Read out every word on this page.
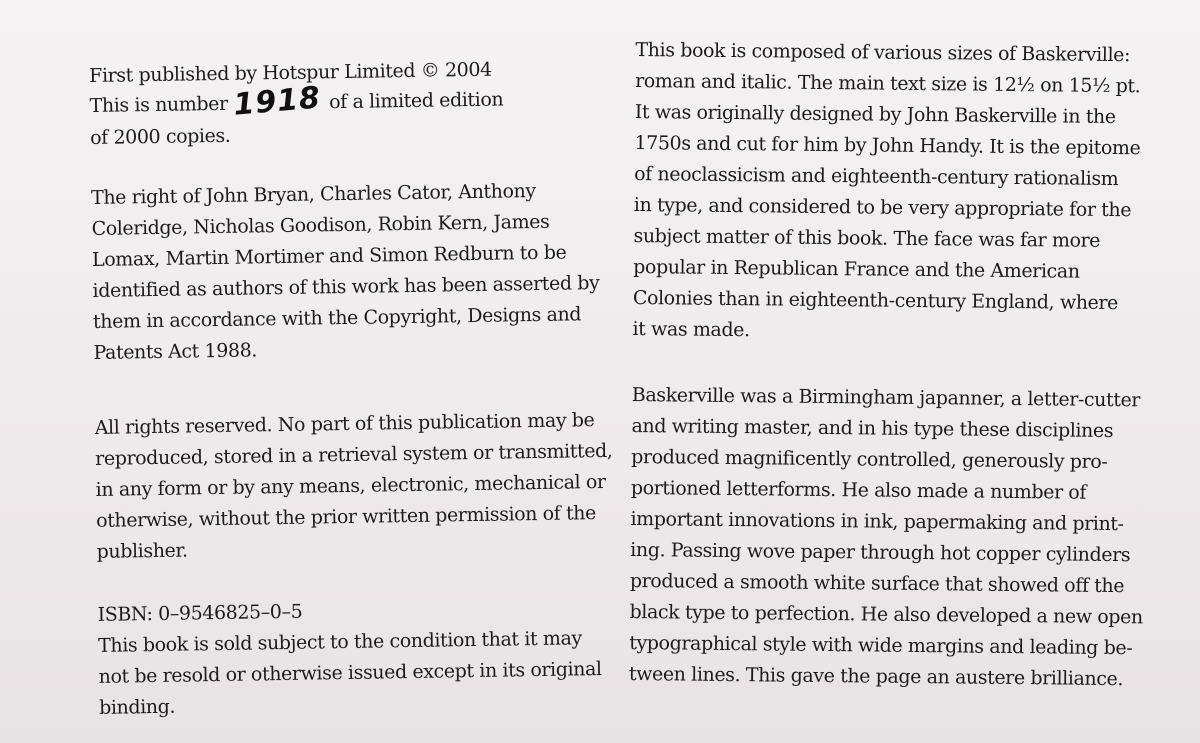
First published by Hotspur Limited © 2004
This is number 1918 of a limited edition
of 2000 copies.
The right of John Bryan, Charles Cator, Anthony
Coleridge, Nicholas Goodison, Robin Kern, James
Lomax, Martin Mortimer and Simon Redburn to be
identified as authors of this work has been asserted by
them in accordance with the Copyright, Designs and
Patents Act 1988.
All rights reserved. No part of this publication may be
reproduced, stored in a retrieval system or transmitted,
in any form or by any means, electronic, mechanical or
otherwise, without the prior written permission of the
publisher.
ISBN: 0–9546825–0–5
This book is sold subject to the condition that it may
not be resold or otherwise issued except in its original
binding.
This book is composed of various sizes of Baskerville:
roman and italic. The main text size is 12½ on 15½ pt.
It was originally designed by John Baskerville in the
1750s and cut for him by John Handy. It is the epitome
of neoclassicism and eighteenth-century rationalism
in type, and considered to be very appropriate for the
subject matter of this book. The face was far more
popular in Republican France and the American
Colonies than in eighteenth-century England, where
it was made.
Baskerville was a Birmingham japanner, a letter-cutter
and writing master, and in his type these disciplines
produced magnificently controlled, generously pro-
portioned letterforms. He also made a number of
important innovations in ink, papermaking and print-
ing. Passing wove paper through hot copper cylinders
produced a smooth white surface that showed off the
black type to perfection. He also developed a new open
typographical style with wide margins and leading be-
tween lines. This gave the page an austere brilliance.
